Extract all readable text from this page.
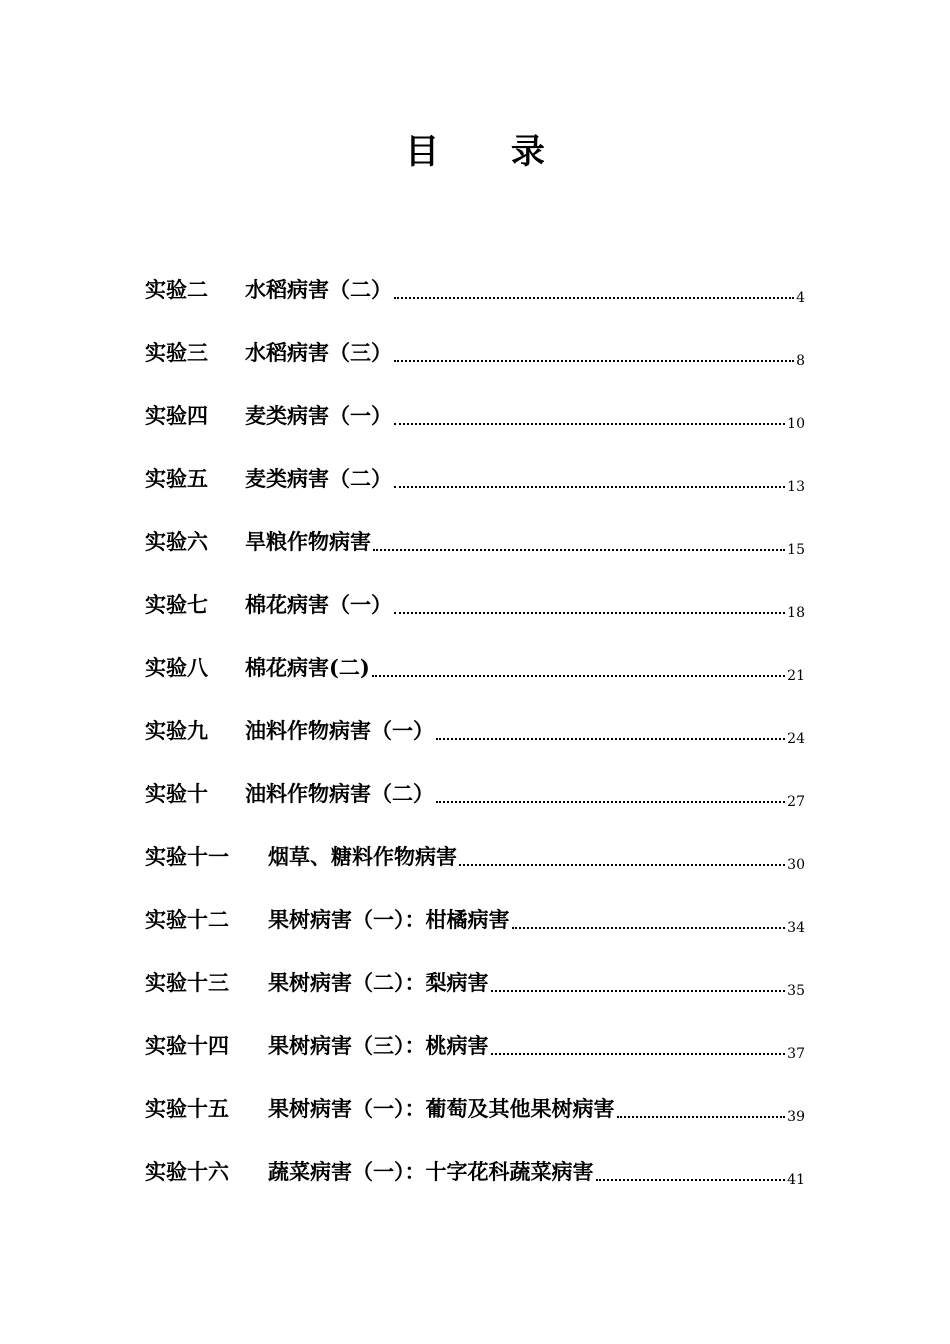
目 录
实验二	水稻病害（二）	4
实验三	水稻病害（三）	8
实验四	麦类病害（一）	10
实验五	麦类病害（二）	13
实验六	旱粮作物病害	15
实验七	棉花病害（一）	18
实验八	棉花病害(二)	21
实验九	油料作物病害（一）	24
实验十	油料作物病害（二）	27
实验十一	烟草、糖料作物病害	30
实验十二	果树病害（一）：柑橘病害	34
实验十三	果树病害（二）：梨病害	35
实验十四	果树病害（三）：桃病害	37
实验十五	果树病害（一）：葡萄及其他果树病害	39
实验十六	蔬菜病害（一）：十字花科蔬菜病害	41
